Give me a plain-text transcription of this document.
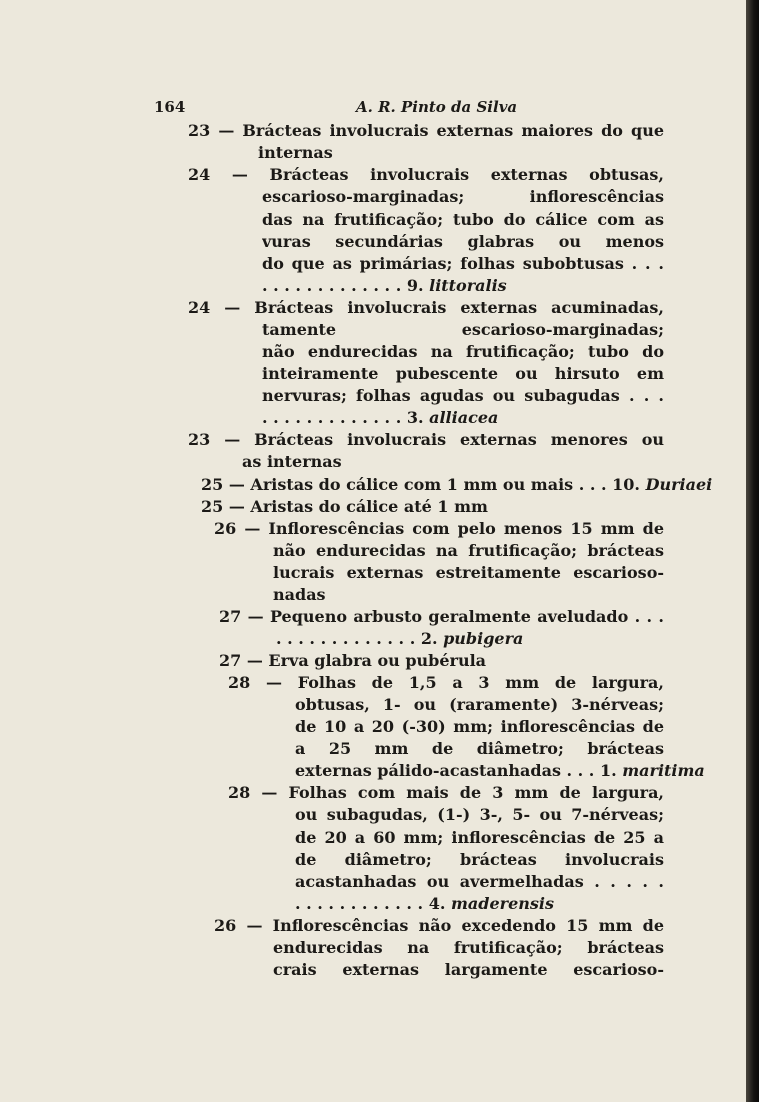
164	A. R. Pinto da Silva
23 — Brácteas involucrais externas maiores do que
internas
24 — Brácteas involucrais externas obtusas,
escarioso-marginadas; inflorescências
das na frutificação; tubo do cálice com as
vuras secundárias glabras ou menos
do que as primárias; folhas subobtusas . . .
. . . . . . . . . . . . . 9. littoralis
24 — Brácteas involucrais externas acuminadas,
tamente escarioso-marginadas;
não endurecidas na frutificação; tubo do
inteiramente pubescente ou hirsuto em
nervuras; folhas agudas ou subagudas . . .
. . . . . . . . . . . . . 3. alliacea
23 — Brácteas involucrais externas menores ou
as internas
25 — Aristas do cálice com 1 mm ou mais . . . 10. Duriaei
25 — Aristas do cálice até 1 mm
26 — Inflorescências com pelo menos 15 mm de
não endurecidas na frutificação; brácteas
lucrais externas estreitamente escarioso-
nadas
27 — Pequeno arbusto geralmente aveludado . . .
. . . . . . . . . . . . . 2. pubigera
27 — Erva glabra ou pubérula
28 — Folhas de 1,5 a 3 mm de largura,
obtusas, 1- ou (raramente) 3-nérveas;
de 10 a 20 (-30) mm; inflorescências de
a 25 mm de diâmetro; brácteas
externas pálido-acastanhadas . . . 1. maritima
28 — Folhas com mais de 3 mm de largura,
ou subagudas, (1-) 3-, 5- ou 7-nérveas;
de 20 a 60 mm; inflorescências de 25 a
de diâmetro; brácteas involucrais
acastanhadas ou avermelhadas . . . . .
. . . . . . . . . . . . 4. maderensis
26 — Inflorescências não excedendo 15 mm de
endurecidas na frutificação; brácteas
crais externas largamente escarioso-
